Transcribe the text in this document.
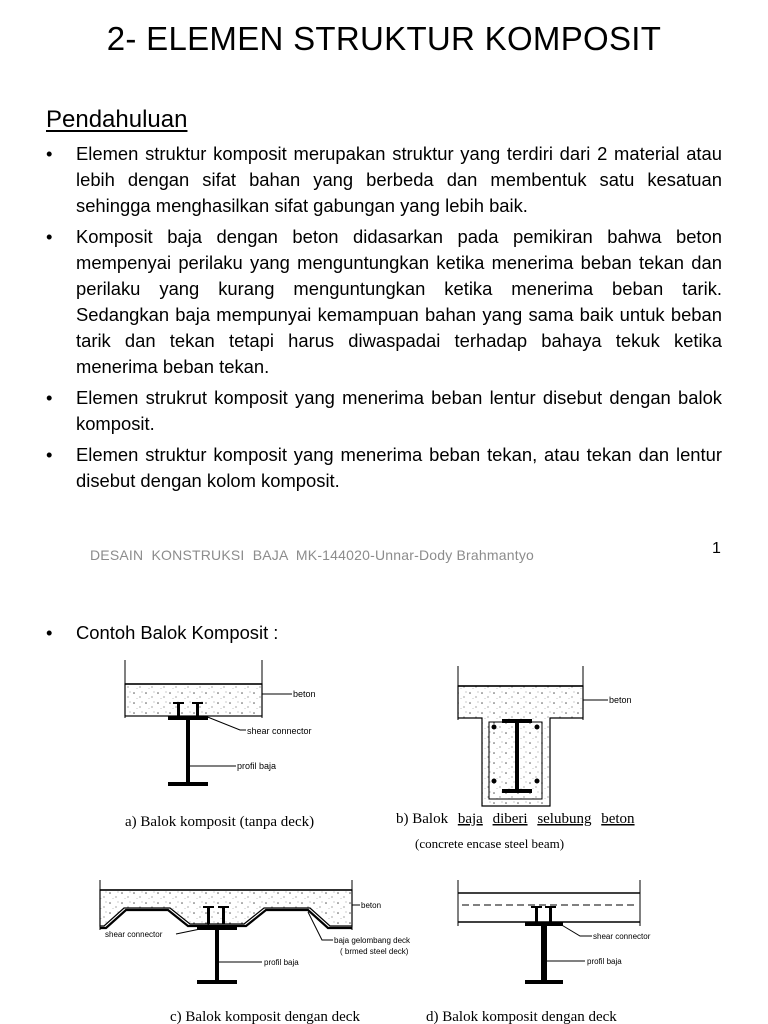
2- ELEMEN STRUKTUR KOMPOSIT
Pendahuluan
• Elemen struktur komposit merupakan struktur yang terdiri dari 2 material atau lebih dengan sifat bahan yang berbeda dan membentuk satu kesatuan sehingga menghasilkan sifat gabungan yang lebih baik.
• Komposit baja dengan beton didasarkan pada pemikiran bahwa beton mempenyai perilaku yang menguntungkan ketika menerima beban tekan dan perilaku yang kurang menguntungkan ketika menerima beban tarik. Sedangkan baja mempunyai kemampuan bahan yang sama baik untuk beban tarik dan tekan tetapi harus diwaspadai terhadap bahaya tekuk ketika menerima beban tekan.
• Elemen strukrut komposit yang menerima beban lentur disebut dengan balok komposit.
• Elemen struktur komposit yang menerima beban tekan, atau tekan dan lentur disebut dengan kolom komposit.
DESAIN  KONSTRUKSI  BAJA  MK-144020-Unnar-Dody Brahmantyo	1
• Contoh Balok Komposit :
beton
shear connector
profil baja
a) Balok komposit (tanpa deck)
beton
b) Balok baja diberi selubung beton
(concrete encase steel beam)
beton
shear connector
baja gelombang deck
( brmed steel deck)
profil baja
c) Balok komposit dengan deck
shear connector
profil baja
d) Balok komposit dengan deck
